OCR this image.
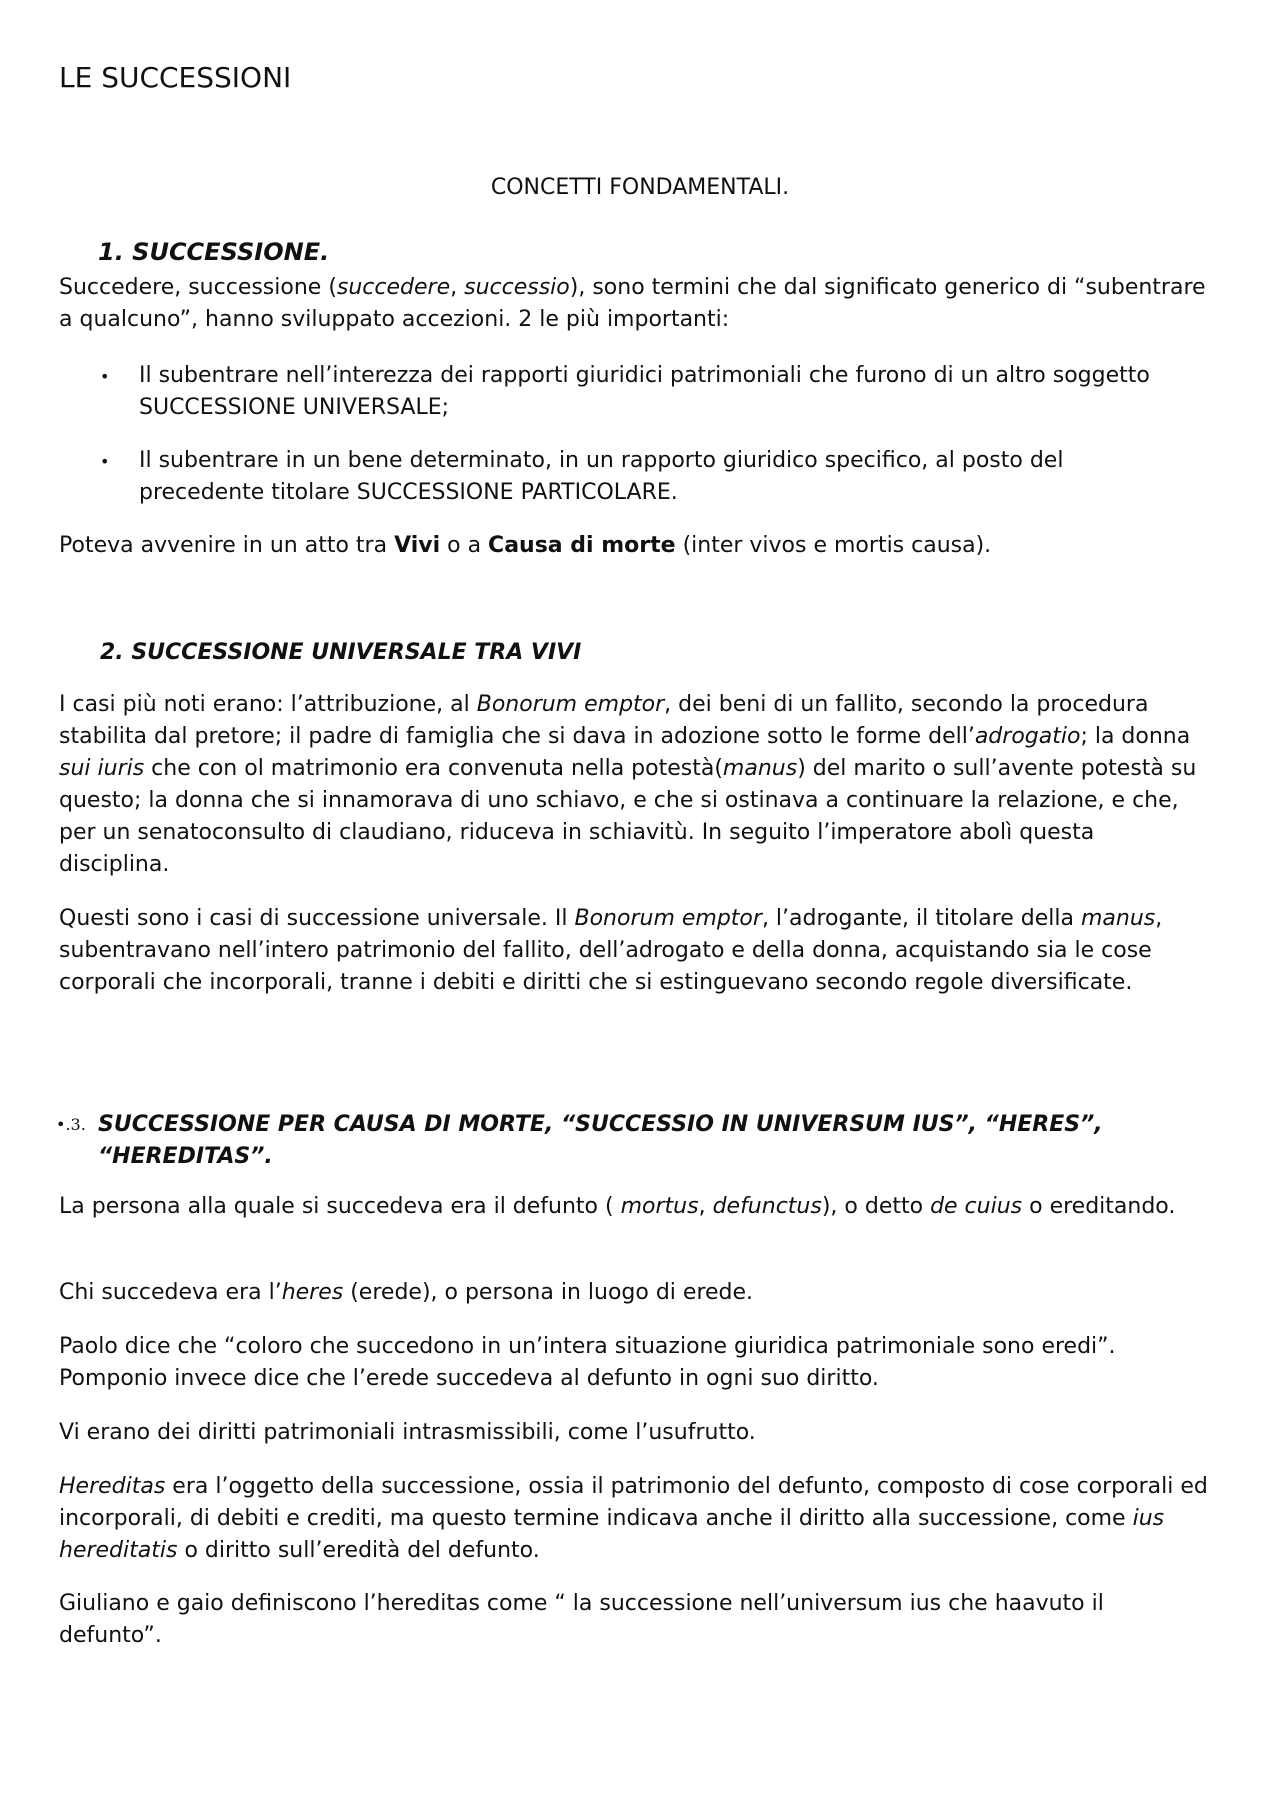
LE SUCCESSIONI
CONCETTI FONDAMENTALI.
1. SUCCESSIONE.

Succedere, successione (succedere, successio), sono termini che dal significato generico di “subentrare a qualcuno”, hanno sviluppato accezioni. 2 le più importanti:

• Il subentrare nell’interezza dei rapporti giuridici patrimoniali che furono di un altro soggetto SUCCESSIONE UNIVERSALE;

• Il subentrare in un bene determinato, in un rapporto giuridico specifico, al posto del precedente titolare SUCCESSIONE PARTICOLARE.

Poteva avvenire in un atto tra Vivi o a Causa di morte (inter vivos e mortis causa).

2. SUCCESSIONE UNIVERSALE TRA VIVI

I casi più noti erano: l’attribuzione, al Bonorum emptor, dei beni di un fallito, secondo la procedura stabilita dal pretore; il padre di famiglia che si dava in adozione sotto le forme dell’adrogatio; la donna sui iuris che con ol matrimonio era convenuta nella potestà(manus) del marito o sull’avente potestà su questo; la donna che si innamorava di uno schiavo, e che si ostinava a continuare la relazione, e che, per un senatoconsulto di claudiano, riduceva in schiavitù. In seguito l’imperatore abolì questa disciplina.

Questi sono i casi di successione universale. Il Bonorum emptor, l’adrogante, il titolare della manus, subentravano nell’intero patrimonio del fallito, dell’adrogato e della donna, acquistando sia le cose corporali che incorporali, tranne i debiti e diritti che si estinguevano secondo regole diversificate.

•.3. SUCCESSIONE PER CAUSA DI MORTE, “SUCCESSIO IN UNIVERSUM IUS”, “HERES”, “HEREDITAS”.

La persona alla quale si succedeva era il defunto ( mortus, defunctus), o detto de cuius o ereditando.

Chi succedeva era l’heres (erede), o persona in luogo di erede.

Paolo dice che “coloro che succedono in un’intera situazione giuridica patrimoniale sono eredi”. Pomponio invece dice che l’erede succedeva al defunto in ogni suo diritto.

Vi erano dei diritti patrimoniali intrasmissibili, come l’usufrutto.

Hereditas era l’oggetto della successione, ossia il patrimonio del defunto, composto di cose corporali ed incorporali, di debiti e crediti, ma questo termine indicava anche il diritto alla successione, come ius hereditatis o diritto sull’eredità del defunto.

Giuliano e gaio definiscono l’hereditas come “ la successione nell’universum ius che haavuto il defunto”.
